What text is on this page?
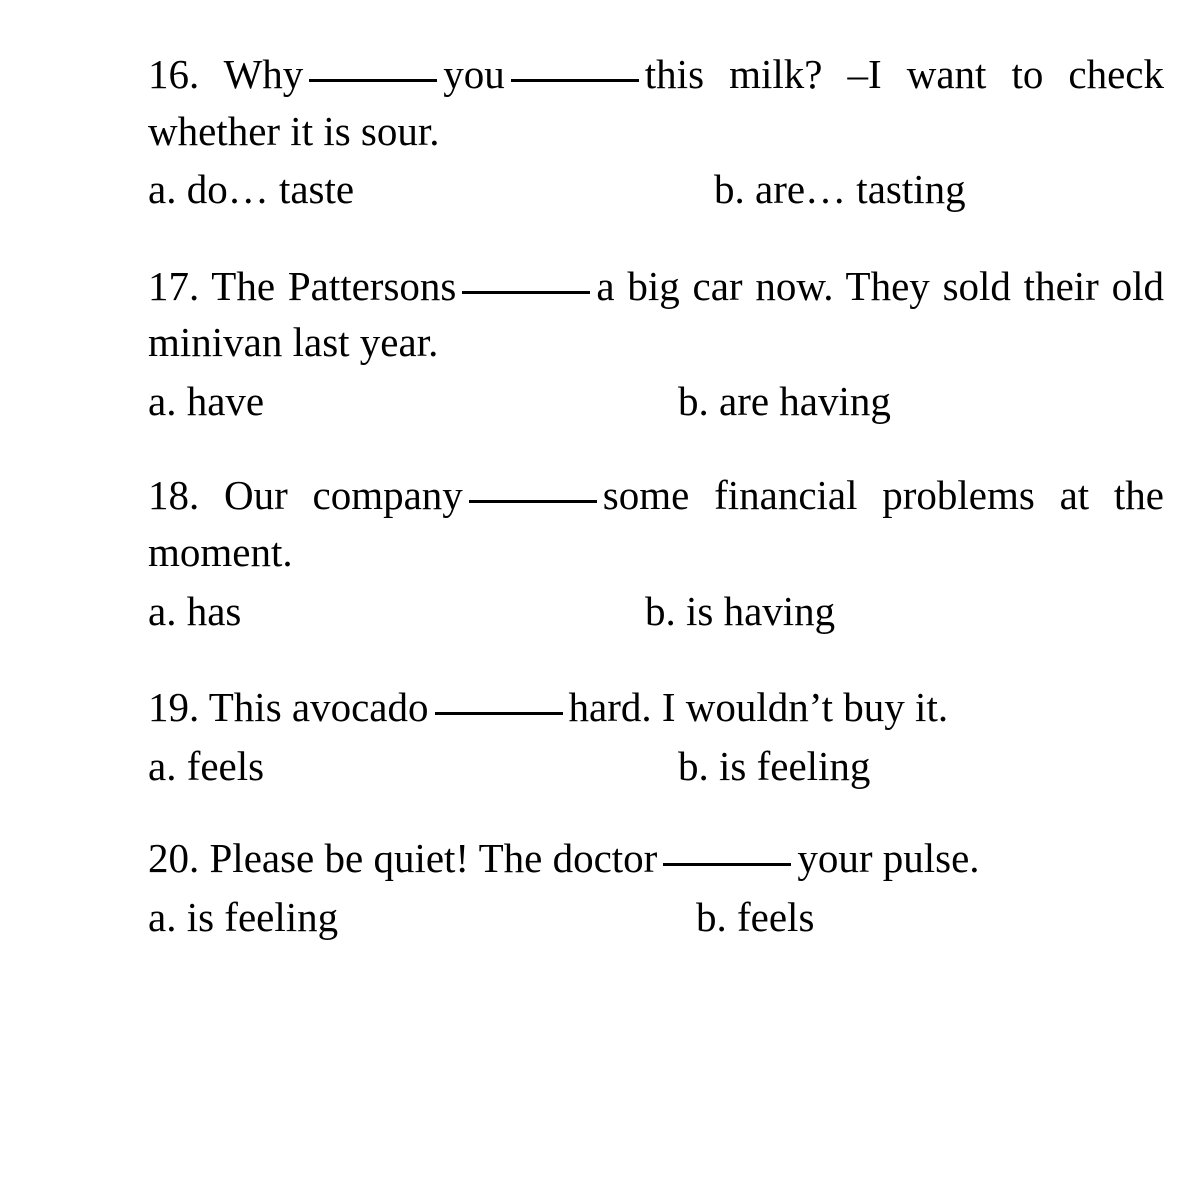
16. Why	you	this milk? –I want to check whether it is sour.

a. do… taste	b. are… tasting

17. The Pattersons	a big car now. They sold their old minivan last year.

a. have	b. are having

18. Our company	some financial problems at the moment.

a. has	b. is having

19. This avocado	hard. I wouldn’t buy it.

a. feels	b. is feeling

20. Please be quiet! The doctor	your pulse.

a. is feeling	b. feels
